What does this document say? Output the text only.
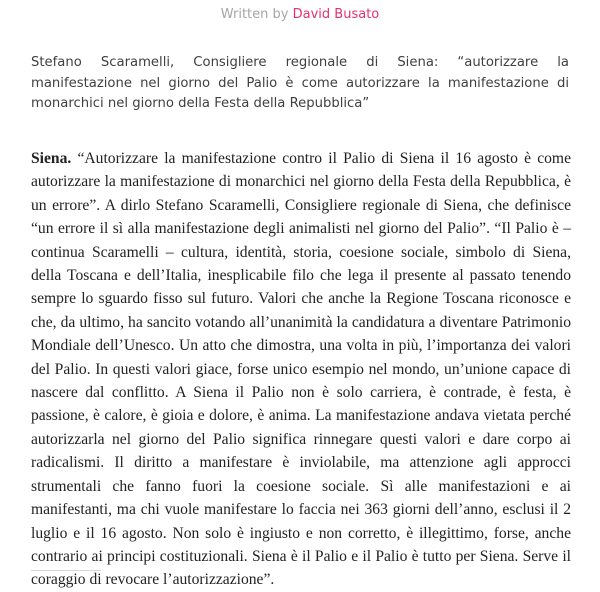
Written by David Busato

Stefano Scaramelli, Consigliere regionale di Siena: “autorizzare la manifestazione nel giorno del Palio è come autorizzare la manifestazione di monarchici nel giorno della Festa della Repubblica”

Siena. “Autorizzare la manifestazione contro il Palio di Siena il 16 agosto è come autorizzare la manifestazione di monarchici nel giorno della Festa della Repubblica, è un errore”. A dirlo Stefano Scaramelli, Consigliere regionale di Siena, che definisce “un errore il sì alla manifestazione degli animalisti nel giorno del Palio”. “Il Palio è – continua Scaramelli – cultura, identità, storia, coesione sociale, simbolo di Siena, della Toscana e dell’Italia, inesplicabile filo che lega il presente al passato tenendo sempre lo sguardo fisso sul futuro. Valori che anche la Regione Toscana riconosce e che, da ultimo, ha sancito votando all’unanimità la candidatura a diventare Patrimonio Mondiale dell’Unesco. Un atto che dimostra, una volta in più, l’importanza dei valori del Palio. In questi valori giace, forse unico esempio nel mondo, un’unione capace di nascere dal conflitto. A Siena il Palio non è solo carriera, è contrade, è festa, è passione, è calore, è gioia e dolore, è anima. La manifestazione andava vietata perché autorizzarla nel giorno del Palio significa rinnegare questi valori e dare corpo ai radicalismi. Il diritto a manifestare è inviolabile, ma attenzione agli approcci strumentali che fanno fuori la coesione sociale. Sì alle manifestazioni e ai manifestanti, ma chi vuole manifestare lo faccia nei 363 giorni dell’anno, esclusi il 2 luglio e il 16 agosto. Non solo è ingiusto e non corretto, è illegittimo, forse, anche contrario ai principi costituzionali. Siena è il Palio e il Palio è tutto per Siena. Serve il coraggio di revocare l’autorizzazione”.
